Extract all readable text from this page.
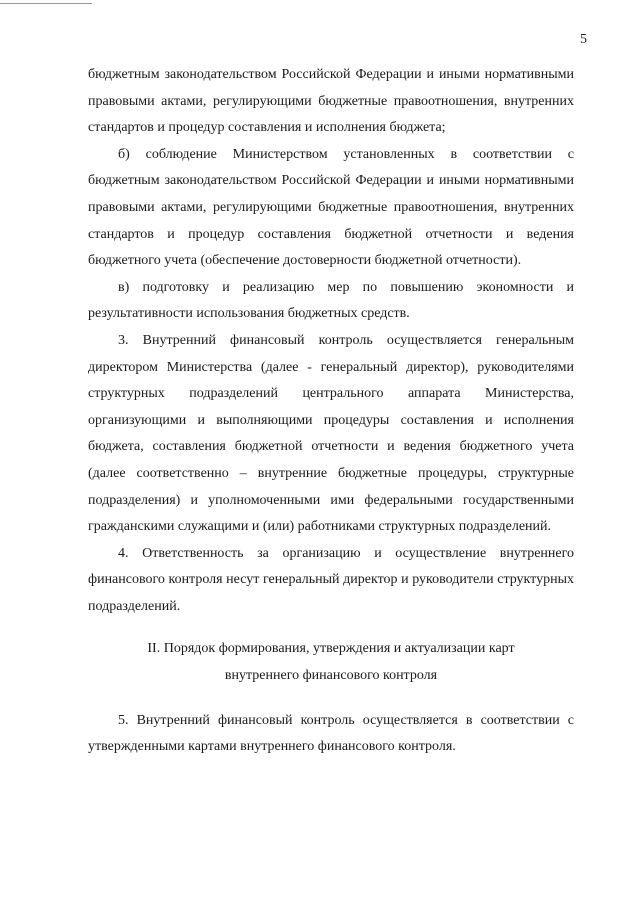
5

бюджетным законодательством Российской Федерации и иными нормативными правовыми актами, регулирующими бюджетные правоотношения, внутренних стандартов и процедур составления и исполнения бюджета;

б) соблюдение Министерством установленных в соответствии с бюджетным законодательством Российской Федерации и иными нормативными правовыми актами, регулирующими бюджетные правоотношения, внутренних стандартов и процедур составления бюджетной отчетности и ведения бюджетного учета (обеспечение достоверности бюджетной отчетности).

в) подготовку и реализацию мер по повышению экономности и результативности использования бюджетных средств.

3. Внутренний финансовый контроль осуществляется генеральным директором Министерства (далее - генеральный директор), руководителями структурных подразделений центрального аппарата Министерства, организующими и выполняющими процедуры составления и исполнения бюджета, составления бюджетной отчетности и ведения бюджетного учета (далее соответственно – внутренние бюджетные процедуры, структурные подразделения) и уполномоченными ими федеральными государственными гражданскими служащими и (или) работниками структурных подразделений.

4. Ответственность за организацию и осуществление внутреннего финансового контроля несут генеральный директор и руководители структурных подразделений.

II. Порядок формирования, утверждения и актуализации карт
внутреннего финансового контроля

5. Внутренний финансовый контроль осуществляется в соответствии с утвержденными картами внутреннего финансового контроля.
